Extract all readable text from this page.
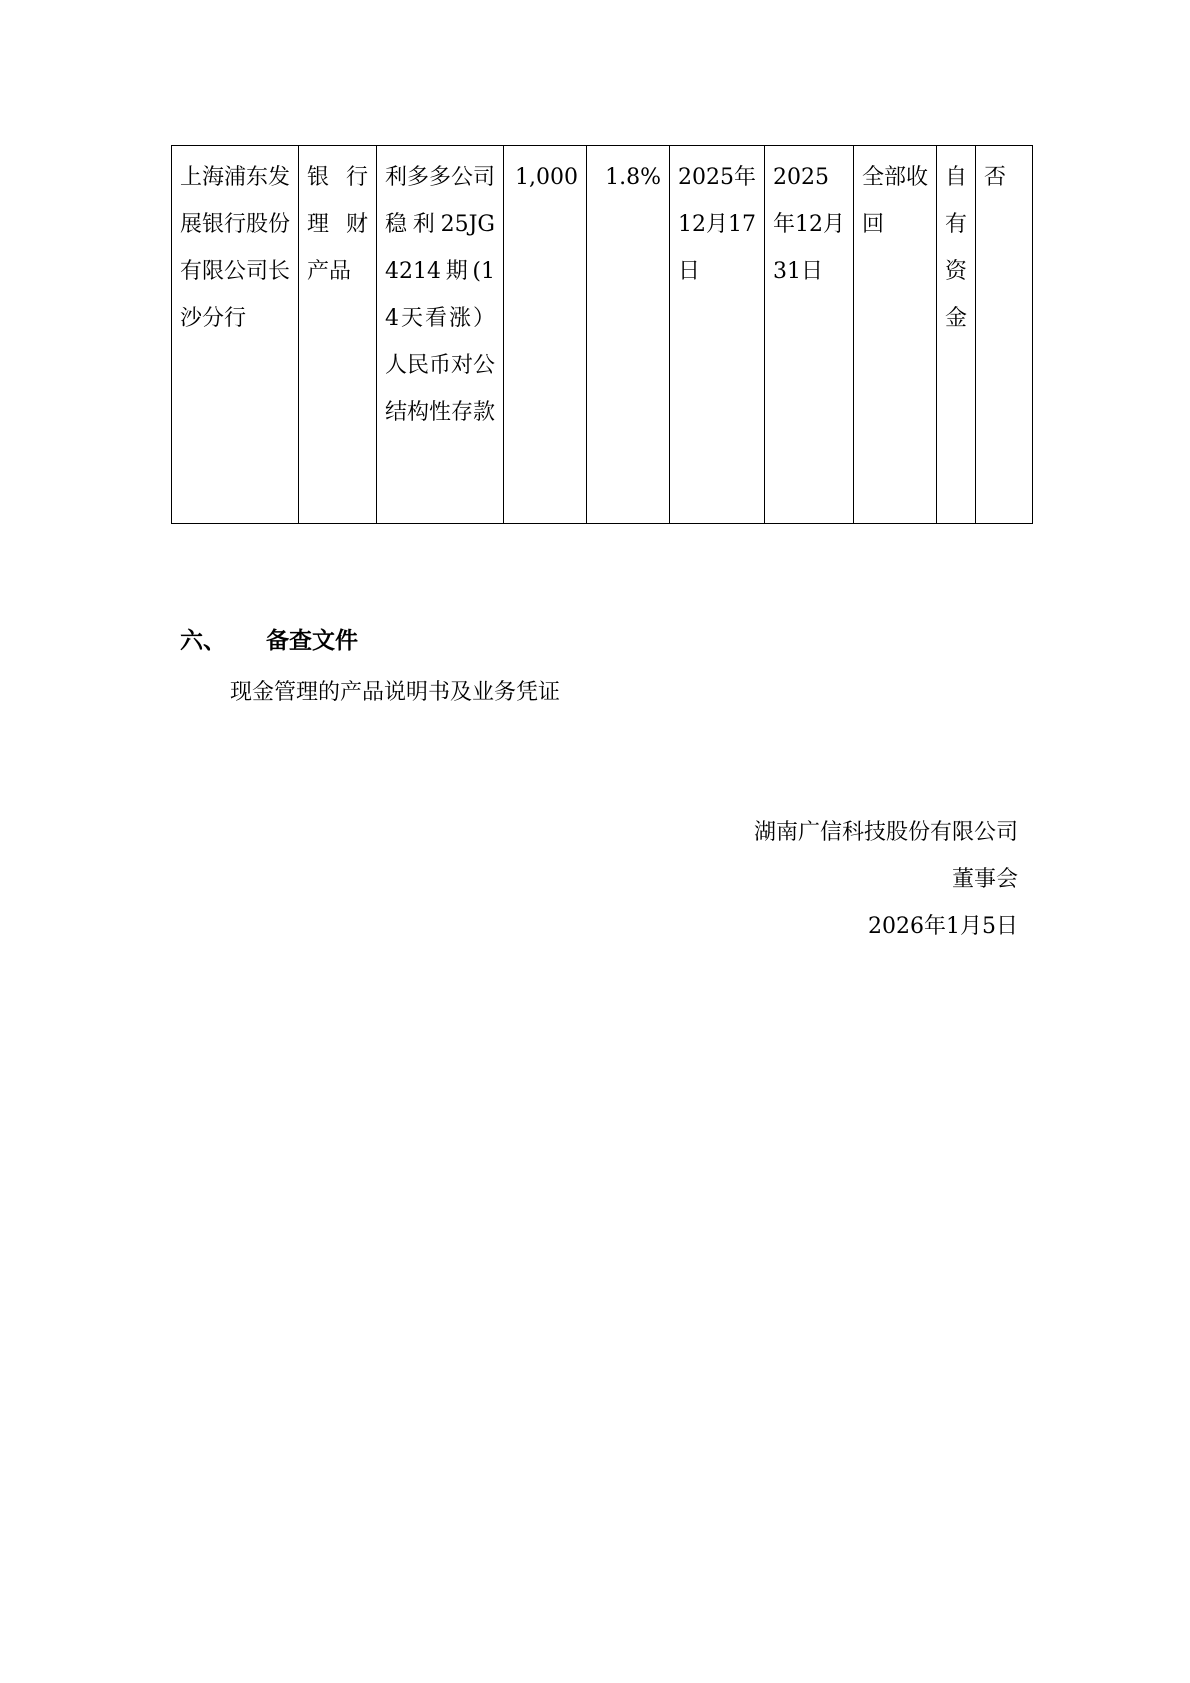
上海浦东发展银行股份有限公司长沙分行	银行理财产品	利多多公司稳利25JG4214期(14天看涨）人民币对公结构性存款	1,000	1.8%	2025年12月17日	2025年12月31日	全部收回	自有资金	否
六、 备查文件
现金管理的产品说明书及业务凭证
湖南广信科技股份有限公司
董事会
2026年1月5日
